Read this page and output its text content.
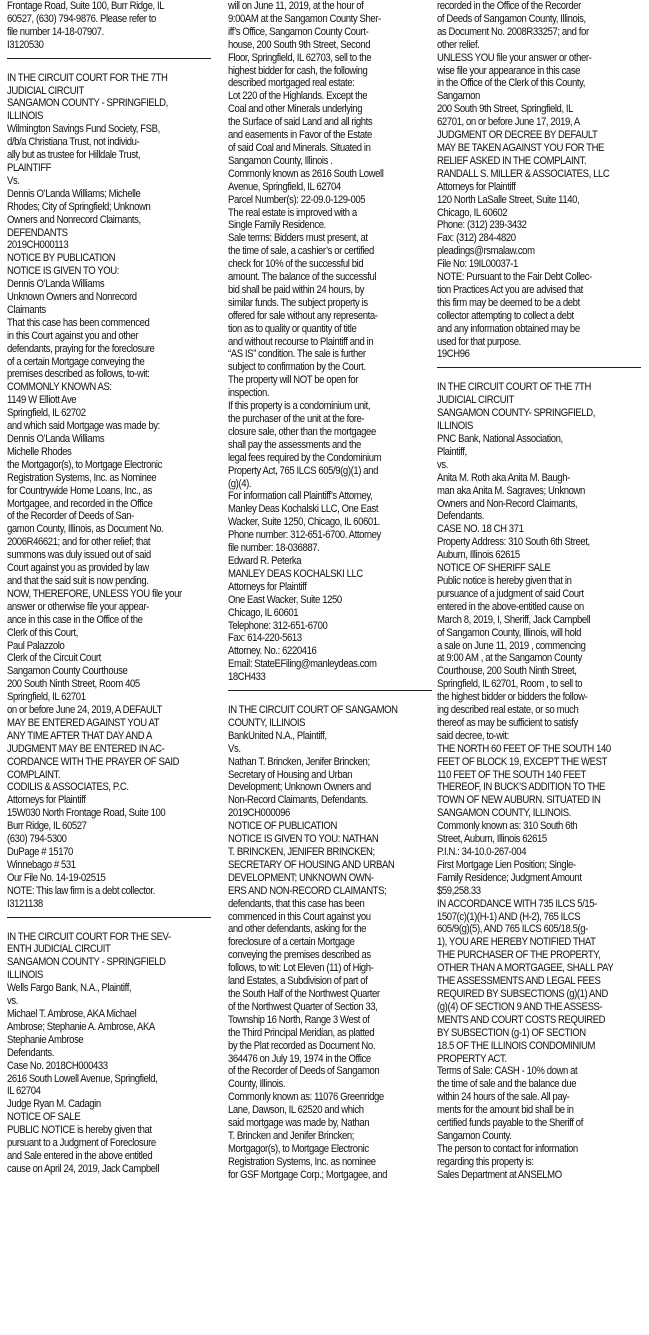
Frontage Road, Suite 100, Burr Ridge, IL
60527, (630) 794-9876. Please refer to
file number 14-18-07907.
I3120530
IN THE CIRCUIT COURT FOR THE 7TH
JUDICIAL CIRCUIT
SANGAMON COUNTY - SPRINGFIELD,
ILLINOIS
Wilmington Savings Fund Society, FSB,
d/b/a Christiana Trust, not individu-
ally but as trustee for Hilldale Trust,
PLAINTIFF
Vs.
Dennis O’Landa Williams; Michelle
Rhodes; City of Springfield; Unknown
Owners and Nonrecord Claimants,
DEFENDANTS
2019CH000113
NOTICE BY PUBLICATION
NOTICE IS GIVEN TO YOU:
Dennis O’Landa Williams
Unknown Owners and Nonrecord
Claimants
That this case has been commenced
in this Court against you and other
defendants, praying for the foreclosure
of a certain Mortgage conveying the
premises described as follows, to-wit:
COMMONLY KNOWN AS:
1149 W Elliott Ave
Springfield, IL 62702
and which said Mortgage was made by:
Dennis O’Landa Williams
Michelle Rhodes
the Mortgagor(s), to Mortgage Electronic
Registration Systems, Inc. as Nominee
for Countrywide Home Loans, Inc., as
Mortgagee, and recorded in the Office
of the Recorder of Deeds of San-
gamon County, Illinois, as Document No.
2006R46621; and for other relief; that
summons was duly issued out of said
Court against you as provided by law
and that the said suit is now pending.
NOW, THEREFORE, UNLESS YOU file your
answer or otherwise file your appear-
ance in this case in the Office of the
Clerk of this Court,
Paul Palazzolo
Clerk of the Circuit Court
Sangamon County Courthouse
200 South Ninth Street, Room 405
Springfield, IL 62701
on or before June 24, 2019, A DEFAULT
MAY BE ENTERED AGAINST YOU AT
ANY TIME AFTER THAT DAY AND A
JUDGMENT MAY BE ENTERED IN AC-
CORDANCE WITH THE PRAYER OF SAID
COMPLAINT.
CODILIS & ASSOCIATES, P.C.
Attorneys for Plaintiff
15W030 North Frontage Road, Suite 100
Burr Ridge, IL 60527
(630) 794-5300
DuPage # 15170
Winnebago # 531
Our File No. 14-19-02515
NOTE: This law firm is a debt collector.
I3121138
IN THE CIRCUIT COURT FOR THE SEV-
ENTH JUDICIAL CIRCUIT
SANGAMON COUNTY - SPRINGFIELD
ILLINOIS
Wells Fargo Bank, N.A., Plaintiff,
vs.
Michael T. Ambrose, AKA Michael
Ambrose; Stephanie A. Ambrose, AKA
Stephanie Ambrose
Defendants.
Case No. 2018CH000433
2616 South Lowell Avenue, Springfield,
IL 62704
Judge Ryan M. Cadagin
NOTICE OF SALE
PUBLIC NOTICE is hereby given that
pursuant to a Judgment of Foreclosure
and Sale entered in the above entitled
cause on April 24, 2019, Jack Campbell
will on June 11, 2019, at the hour of
9:00AM at the Sangamon County Sher-
iff’s Office, Sangamon County Court-
house, 200 South 9th Street, Second
Floor, Springfield, IL 62703, sell to the
highest bidder for cash, the following
described mortgaged real estate:
Lot 220 of the Highlands. Except the
Coal and other Minerals underlying
the Surface of said Land and all rights
and easements in Favor of the Estate
of said Coal and Minerals. Situated in
Sangamon County, Illinois .
Commonly known as 2616 South Lowell
Avenue, Springfield, IL 62704
Parcel Number(s): 22-09.0-129-005
The real estate is improved with a
Single Family Residence.
Sale terms: Bidders must present, at
the time of sale, a cashier’s or certified
check for 10% of the successful bid
amount. The balance of the successful
bid shall be paid within 24 hours, by
similar funds. The subject property is
offered for sale without any representa-
tion as to quality or quantity of title
and without recourse to Plaintiff and in
“AS IS” condition. The sale is further
subject to confirmation by the Court.
The property will NOT be open for
inspection.
If this property is a condominium unit,
the purchaser of the unit at the fore-
closure sale, other than the mortgagee
shall pay the assessments and the
legal fees required by the Condominium
Property Act, 765 ILCS 605/9(g)(1) and
(g)(4).
For information call Plaintiff’s Attorney,
Manley Deas Kochalski LLC, One East
Wacker, Suite 1250, Chicago, IL 60601.
Phone number: 312-651-6700. Attorney
file number: 18-036887.
Edward R. Peterka
MANLEY DEAS KOCHALSKI LLC
Attorneys for Plaintiff
One East Wacker, Suite 1250
Chicago, IL 60601
Telephone: 312-651-6700
Fax: 614-220-5613
Attorney. No.: 6220416
Email: StateEFiling@manleydeas.com
18CH433
IN THE CIRCUIT COURT OF SANGAMON
COUNTY, ILLINOIS
BankUnited N.A., Plaintiff,
Vs.
Nathan T. Brincken, Jenifer Brincken;
Secretary of Housing and Urban
Development; Unknown Owners and
Non-Record Claimants, Defendants.
2019CH000096
NOTICE OF PUBLICATION
NOTICE IS GIVEN TO YOU: NATHAN
T. BRINCKEN, JENIFER BRINCKEN;
SECRETARY OF HOUSING AND URBAN
DEVELOPMENT; UNKNOWN OWN-
ERS AND NON-RECORD CLAIMANTS;
defendants, that this case has been
commenced in this Court against you
and other defendants, asking for the
foreclosure of a certain Mortgage
conveying the premises described as
follows, to wit: Lot Eleven (11) of High-
land Estates, a Subdivision of part of
the South Half of the Northwest Quarter
of the Northwest Quarter of Section 33,
Township 16 North, Range 3 West of
the Third Principal Meridian, as platted
by the Plat recorded as Document No.
364476 on July 19, 1974 in the Office
of the Recorder of Deeds of Sangamon
County, Illinois.
Commonly known as: 11076 Greenridge
Lane, Dawson, IL 62520 and which
said mortgage was made by, Nathan
T. Brincken and Jenifer Brincken;
Mortgagor(s), to Mortgage Electronic
Registration Systems, Inc. as nominee
for GSF Mortgage Corp.; Mortgagee, and
recorded in the Office of the Recorder
of Deeds of Sangamon County, Illinois,
as Document No. 2008R33257; and for
other relief.
UNLESS YOU file your answer or other-
wise file your appearance in this case
in the Office of the Clerk of this County,
Sangamon
200 South 9th Street, Springfield, IL
62701, on or before June 17, 2019, A
JUDGMENT OR DECREE BY DEFAULT
MAY BE TAKEN AGAINST YOU FOR THE
RELIEF ASKED IN THE COMPLAINT.
RANDALL S. MILLER & ASSOCIATES, LLC
Attorneys for Plaintiff
120 North LaSalle Street, Suite 1140,
Chicago, IL 60602
Phone: (312) 239-3432
Fax: (312) 284-4820
pleadings@rsmalaw.com
File No: 19IL00037-1
NOTE: Pursuant to the Fair Debt Collec-
tion Practices Act you are advised that
this firm may be deemed to be a debt
collector attempting to collect a debt
and any information obtained may be
used for that purpose.
19CH96
IN THE CIRCUIT COURT OF THE 7TH
JUDICIAL CIRCUIT
SANGAMON COUNTY- SPRINGFIELD,
ILLINOIS
PNC Bank, National Association,
Plaintiff,
vs.
Anita M. Roth aka Anita M. Baugh-
man aka Anita M. Sagraves; Unknown
Owners and Non-Record Claimants,
Defendants.
CASE NO. 18 CH 371
Property Address: 310 South 6th Street,
Auburn, Illinois 62615
NOTICE OF SHERIFF SALE
Public notice is hereby given that in
pursuance of a judgment of said Court
entered in the above-entitled cause on
March 8, 2019, I, Sheriff, Jack Campbell
of Sangamon County, Illinois, will hold
a sale on June 11, 2019 , commencing
at 9:00 AM , at the Sangamon County
Courthouse, 200 South Ninth Street,
Springfield, IL 62701, Room , to sell to
the highest bidder or bidders the follow-
ing described real estate, or so much
thereof as may be sufficient to satisfy
said decree, to-wit:
THE NORTH 60 FEET OF THE SOUTH 140
FEET OF BLOCK 19, EXCEPT THE WEST
110 FEET OF THE SOUTH 140 FEET
THEREOF, IN BUCK’S ADDITION TO THE
TOWN OF NEW AUBURN. SITUATED IN
SANGAMON COUNTY, ILLINOIS.
Commonly known as: 310 South 6th
Street, Auburn, Illinois 62615
P.I.N.: 34-10.0-267-004
First Mortgage Lien Position; Single-
Family Residence; Judgment Amount
$59,258.33
IN ACCORDANCE WITH 735 ILCS 5/15-
1507(c)(1)(H-1) AND (H-2), 765 ILCS
605/9(g)(5), AND 765 ILCS 605/18.5(g-
1), YOU ARE HEREBY NOTIFIED THAT
THE PURCHASER OF THE PROPERTY,
OTHER THAN A MORTGAGEE, SHALL PAY
THE ASSESSMENTS AND LEGAL FEES
REQUIRED BY SUBSECTIONS (g)(1) AND
(g)(4) OF SECTION 9 AND THE ASSESS-
MENTS AND COURT COSTS REQUIRED
BY SUBSECTION (g-1) OF SECTION
18.5 OF THE ILLINOIS CONDOMINIUM
PROPERTY ACT.
Terms of Sale: CASH - 10% down at
the time of sale and the balance due
within 24 hours of the sale. All pay-
ments for the amount bid shall be in
certified funds payable to the Sheriff of
Sangamon County.
The person to contact for information
regarding this property is:
Sales Department at ANSELMO
